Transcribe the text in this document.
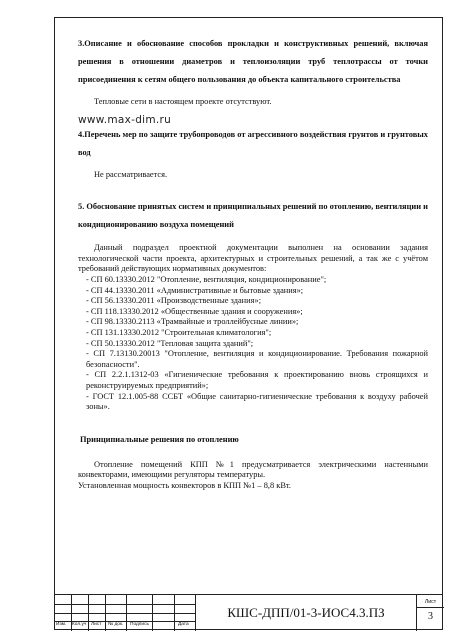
3.Описание и обоснование способов прокладки и конструктивных решений, включая решения в отношении диаметров и теплоизоляции труб теплотрассы от точки присоединения к сетям общего пользования до объекта капитального строительства

Тепловые сети в настоящем проекте отсутствуют.

www.max-dim.ru

4.Перечень мер по защите трубопроводов от агрессивного воздействия грунтов и грунтовых вод

Не рассматривается.

5. Обоснование принятых систем и принципиальных решений по отоплению, вентиляции и кондиционированию воздуха помещений

Данный подраздел проектной документации выполнен на основании задания технологической части проекта, архитектурных и строительных решений, а так же с учётом требований действующих нормативных документов:

- СП 60.13330.2012 "Отопление, вентиляция, кондиционирование";
- СП 44.13330.2011 «Административные и бытовые здания»;
- СП 56.13330.2011 «Производственные здания»;
- СП 118.13330.2012 «Общественные здания и сооружения»;
- СП 98.13330.2113 «Трамвайные и троллейбусные линии»;
- СП 131.13330.2012 "Строительная климатология";
- СП 50.13330.2012 "Тепловая защита зданий";
- СП 7.13130.20013 "Отопление, вентиляция и кондиционирование. Требования пожарной безопасности".
- СП 2.2.1.1312-03 «Гигиенические требования к проектированию вновь строящихся и реконструируемых предприятий»;
- ГОСТ 12.1.005-88 ССБТ «Общие санитарно-гигиенические требования к воздуху рабочей зоны».

Принципиальные решения по отоплению

Отопление помещений КПП №1 предусматривается электрическими настенными конвекторами, имеющими регуляторы температуры.

Установленная мощность конвекторов в КПП №1 – 8,8 кВт.

Изм. Кол.уч Лист № док. Подпись	Дата
КШС-ДПП/01-3-ИОС4.3.ПЗ
Лист
3
